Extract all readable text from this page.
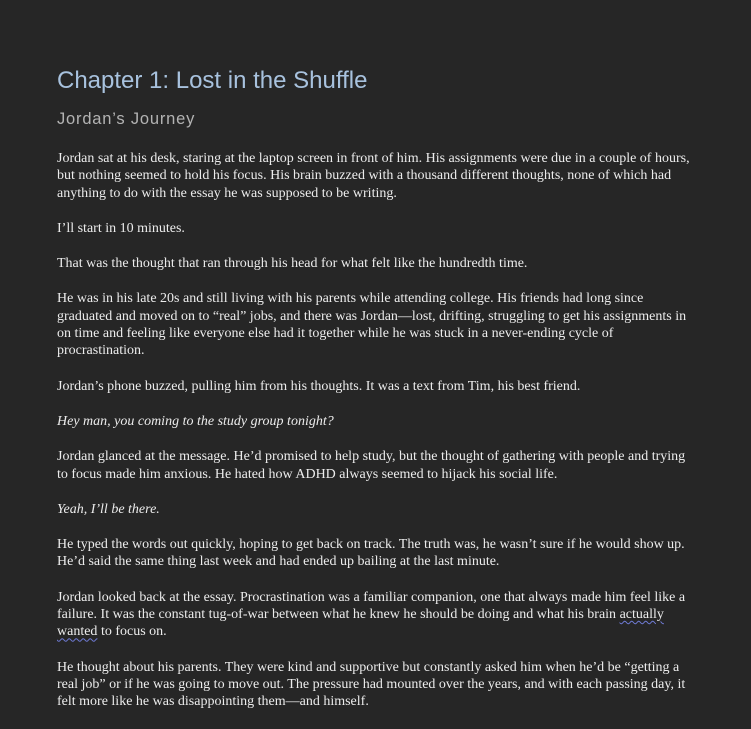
Chapter 1: Lost in the Shuffle
Jordan’s Journey

Jordan sat at his desk, staring at the laptop screen in front of him. His assignments were due in a couple of hours, but nothing seemed to hold his focus. His brain buzzed with a thousand different thoughts, none of which had anything to do with the essay he was supposed to be writing.

I’ll start in 10 minutes.

That was the thought that ran through his head for what felt like the hundredth time.

He was in his late 20s and still living with his parents while attending college. His friends had long since graduated and moved on to “real” jobs, and there was Jordan—lost, drifting, struggling to get his assignments in on time and feeling like everyone else had it together while he was stuck in a never-ending cycle of procrastination.

Jordan’s phone buzzed, pulling him from his thoughts. It was a text from Tim, his best friend.

Hey man, you coming to the study group tonight?

Jordan glanced at the message. He’d promised to help study, but the thought of gathering with people and trying to focus made him anxious. He hated how ADHD always seemed to hijack his social life.

Yeah, I’ll be there.

He typed the words out quickly, hoping to get back on track. The truth was, he wasn’t sure if he would show up. He’d said the same thing last week and had ended up bailing at the last minute.

Jordan looked back at the essay. Procrastination was a familiar companion, one that always made him feel like a failure. It was the constant tug-of-war between what he knew he should be doing and what his brain actually wanted to focus on.

He thought about his parents. They were kind and supportive but constantly asked him when he’d be “getting a real job” or if he was going to move out. The pressure had mounted over the years, and with each passing day, it felt more like he was disappointing them—and himself.
